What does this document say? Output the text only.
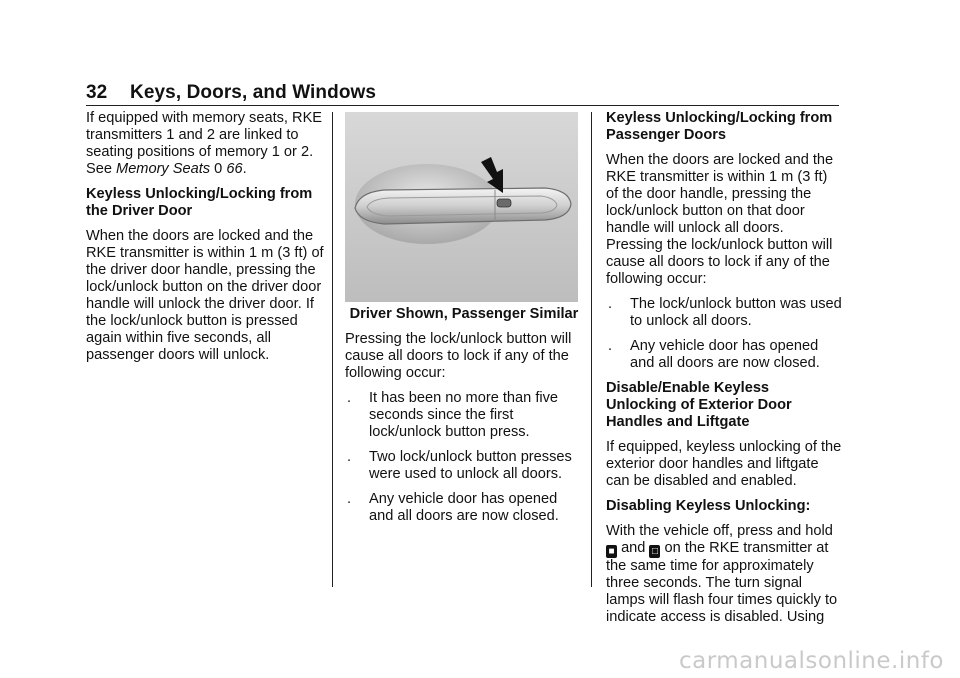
32 Keys, Doors, and Windows

If equipped with memory seats, RKE transmitters 1 and 2 are linked to seating positions of memory 1 or 2. See Memory Seats 0 66.

Keyless Unlocking/Locking from the Driver Door

When the doors are locked and the RKE transmitter is within 1 m (3 ft) of the driver door handle, pressing the lock/unlock button on the driver door handle will unlock the driver door. If the lock/unlock button is pressed again within five seconds, all passenger doors will unlock.

Driver Shown, Passenger Similar

Pressing the lock/unlock button will cause all doors to lock if any of the following occur:

.	It has been no more than five seconds since the first lock/unlock button press.
.	Two lock/unlock button presses were used to unlock all doors.
.	Any vehicle door has opened and all doors are now closed.

Keyless Unlocking/Locking from Passenger Doors

When the doors are locked and the RKE transmitter is within 1 m (3 ft) of the door handle, pressing the lock/unlock button on that door handle will unlock all doors. Pressing the lock/unlock button will cause all doors to lock if any of the following occur:

.	The lock/unlock button was used to unlock all doors.
.	Any vehicle door has opened and all doors are now closed.

Disable/Enable Keyless Unlocking of Exterior Door Handles and Liftgate

If equipped, keyless unlocking of the exterior door handles and liftgate can be disabled and enabled.

Disabling Keyless Unlocking:

With the vehicle off, press and hold
■ and □ on the RKE transmitter at the same time for approximately three seconds. The turn signal lamps will flash four times quickly to indicate access is disabled. Using

carmanualsonline.info
